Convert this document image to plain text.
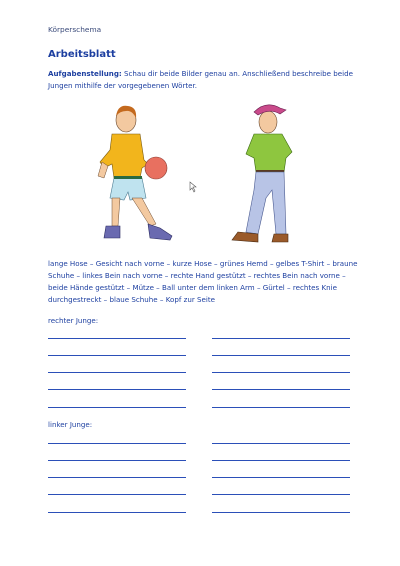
Körperschema
Arbeitsblatt
Aufgabenstellung: Schau dir beide Bilder genau an. Anschließend beschreibe beide Jungen mithilfe der vorgegebenen Wörter.
lange Hose – Gesicht nach vorne – kurze Hose – grünes Hemd – gelbes T-Shirt – braune Schuhe – linkes Bein nach vorne – rechte Hand gestützt – rechtes Bein nach vorne – beide Hände gestützt – Mütze – Ball unter dem linken Arm – Gürtel – rechtes Knie durchgestreckt – blaue Schuhe – Kopf zur Seite
rechter Junge:
linker Junge:
